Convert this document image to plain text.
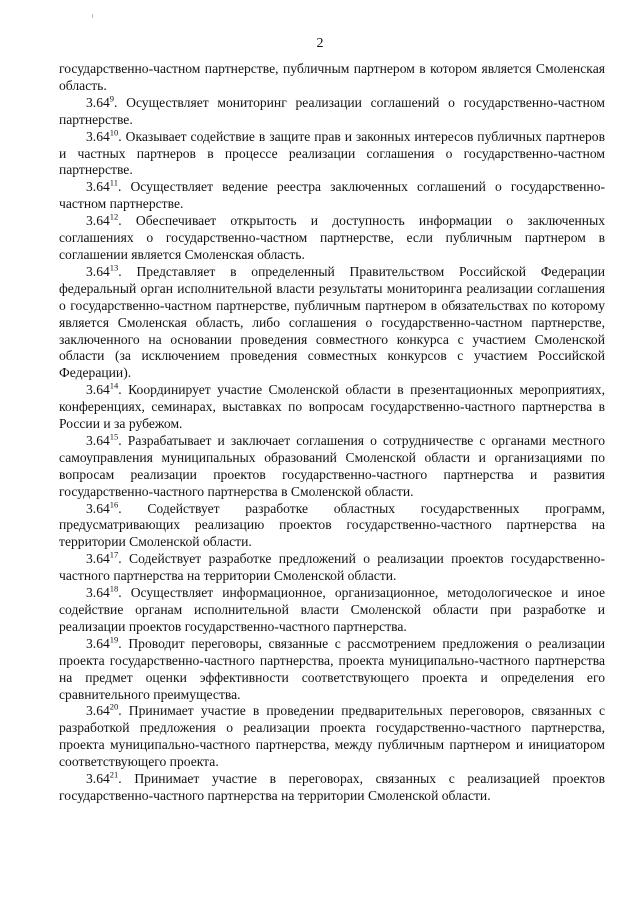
2

государственно-частном партнерстве, публичным партнером в котором является Смоленская область.

3.64$^9$. Осуществляет мониторинг реализации соглашений о государственно-частном партнерстве.

3.64$^{10}$. Оказывает содействие в защите прав и законных интересов публичных партнеров и частных партнеров в процессе реализации соглашения о государственно-частном партнерстве.

3.64$^{11}$. Осуществляет ведение реестра заключенных соглашений о государственно-частном партнерстве.

3.64$^{12}$. Обеспечивает открытость и доступность информации о заключенных соглашениях о государственно-частном партнерстве, если публичным партнером в соглашении является Смоленская область.

3.64$^{13}$. Представляет в определенный Правительством Российской Федерации федеральный орган исполнительной власти результаты мониторинга реализации соглашения о государственно-частном партнерстве, публичным партнером в обязательствах по которому является Смоленская область, либо соглашения о государственно-частном партнерстве, заключенного на основании проведения совместного конкурса с участием Смоленской области (за исключением проведения совместных конкурсов с участием Российской Федерации).

3.64$^{14}$. Координирует участие Смоленской области в презентационных мероприятиях, конференциях, семинарах, выставках по вопросам государственно-частного партнерства в России и за рубежом.

3.64$^{15}$. Разрабатывает и заключает соглашения о сотрудничестве с органами местного самоуправления муниципальных образований Смоленской области и организациями по вопросам реализации проектов государственно-частного партнерства и развития государственно-частного партнерства в Смоленской области.

3.64$^{16}$. Содействует разработке областных государственных программ, предусматривающих реализацию проектов государственно-частного партнерства на территории Смоленской области.

3.64$^{17}$. Содействует разработке предложений о реализации проектов государственно-частного партнерства на территории Смоленской области.

3.64$^{18}$. Осуществляет информационное, организационное, методологическое и иное содействие органам исполнительной власти Смоленской области при разработке и реализации проектов государственно-частного партнерства.

3.64$^{19}$. Проводит переговоры, связанные с рассмотрением предложения о реализации проекта государственно-частного партнерства, проекта муниципально-частного партнерства на предмет оценки эффективности соответствующего проекта и определения его сравнительного преимущества.

3.64$^{20}$. Принимает участие в проведении предварительных переговоров, связанных с разработкой предложения о реализации проекта государственно-частного партнерства, проекта муниципально-частного партнерства, между публичным партнером и инициатором соответствующего проекта.

3.64$^{21}$. Принимает участие в переговорах, связанных с реализацией проектов государственно-частного партнерства на территории Смоленской области.
